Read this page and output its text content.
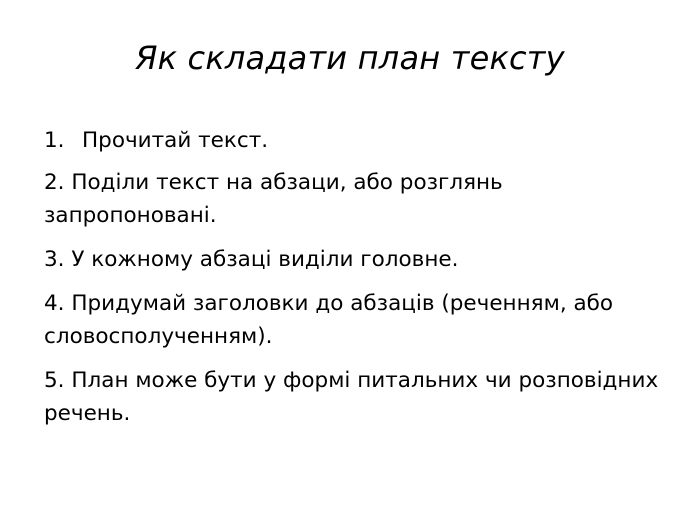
Як складати план тексту
1. Прочитай текст.
2. Поділи текст на абзаци, або розглянь запропоновані.
3. У кожному абзаці виділи головне.
4. Придумай заголовки до абзаців (реченням, або словосполученням).
5. План може бути у формі питальних чи розповідних речень.
